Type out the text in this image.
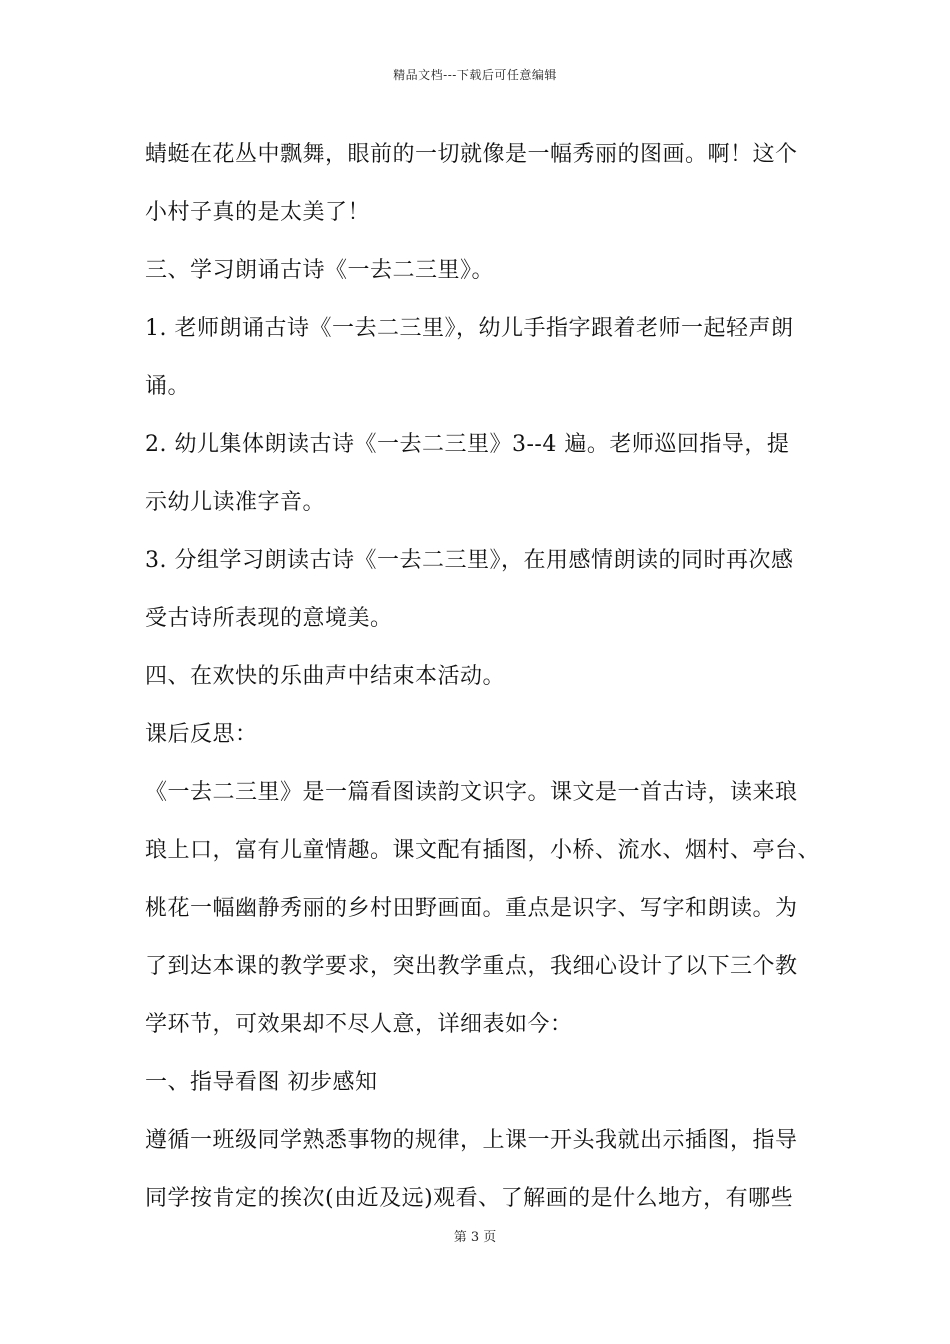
精品文档---下载后可任意编辑
蜻蜓在花丛中飘舞，眼前的一切就像是一幅秀丽的图画。啊！这个
小村子真的是太美了！
三、学习朗诵古诗《一去二三里》。
1. 老师朗诵古诗《一去二三里》，幼儿手指字跟着老师一起轻声朗
诵。
2. 幼儿集体朗读古诗《一去二三里》3--4 遍。老师巡回指导，提
示幼儿读准字音。
3. 分组学习朗读古诗《一去二三里》，在用感情朗读的同时再次感
受古诗所表现的意境美。
四、在欢快的乐曲声中结束本活动。
课后反思：
《一去二三里》是一篇看图读韵文识字。课文是一首古诗，读来琅
琅上口，富有儿童情趣。课文配有插图，小桥、流水、烟村、亭台、
桃花一幅幽静秀丽的乡村田野画面。重点是识字、写字和朗读。为
了到达本课的教学要求，突出教学重点，我细心设计了以下三个教
学环节，可效果却不尽人意，详细表如今：
一、指导看图 初步感知
遵循一班级同学熟悉事物的规律，上课一开头我就出示插图，指导
同学按肯定的挨次(由近及远)观看、了解画的是什么地方，有哪些
第 3 页
